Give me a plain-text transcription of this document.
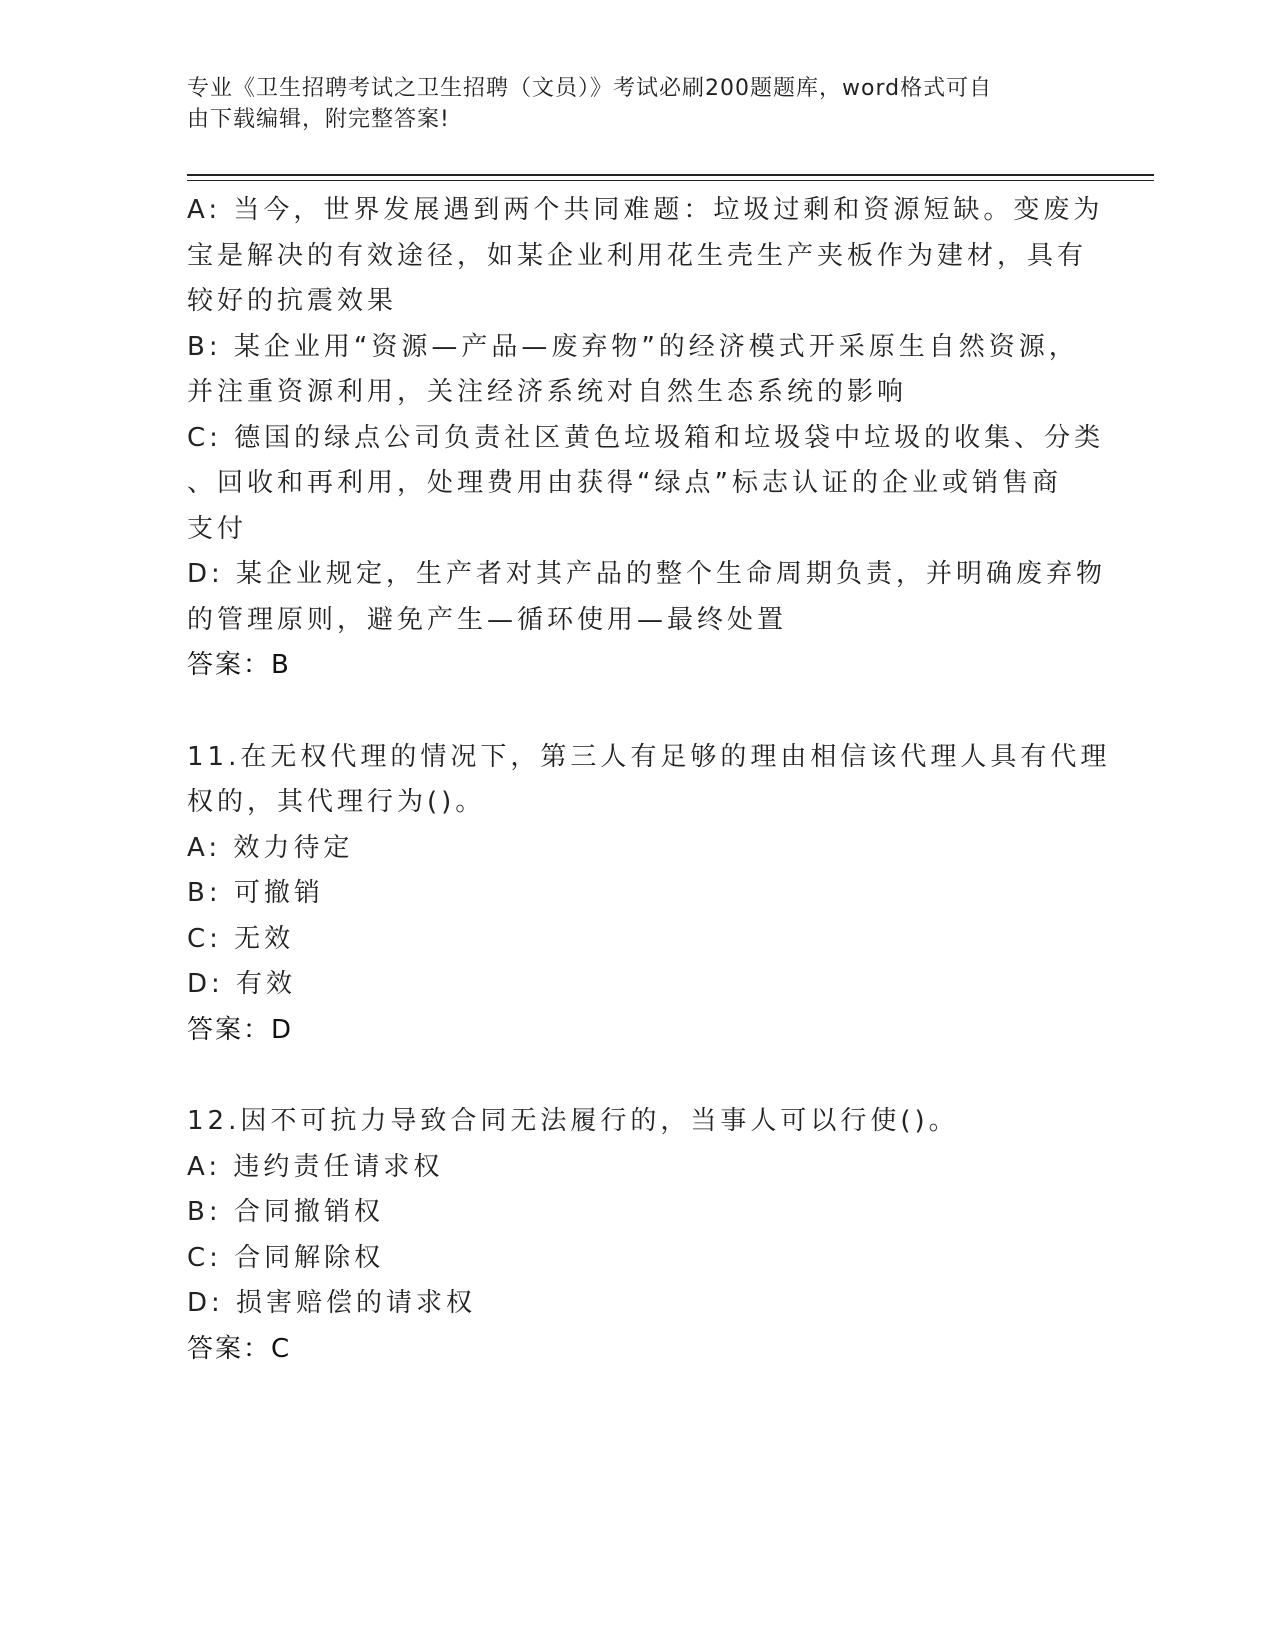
专业《卫生招聘考试之卫生招聘（文员）》考试必刷200题题库，word格式可自
由下载编辑，附完整答案!

A: 当今，世界发展遇到两个共同难题：垃圾过剩和资源短缺。变废为

宝是解决的有效途径，如某企业利用花生壳生产夹板作为建材，具有

较好的抗震效果

B: 某企业用“资源—产品—废弃物”的经济模式开采原生自然资源，

并注重资源利用，关注经济系统对自然生态系统的影响

C: 德国的绿点公司负责社区黄色垃圾箱和垃圾袋中垃圾的收集、分类

、回收和再利用，处理费用由获得“绿点”标志认证的企业或销售商

支付

D: 某企业规定，生产者对其产品的整个生命周期负责，并明确废弃物

的管理原则，避免产生—循环使用—最终处置

答案：B

11.在无权代理的情况下，第三人有足够的理由相信该代理人具有代理

权的，其代理行为()。

A: 效力待定

B: 可撤销

C: 无效

D: 有效

答案：D

12.因不可抗力导致合同无法履行的，当事人可以行使()。

A: 违约责任请求权

B: 合同撤销权

C: 合同解除权

D: 损害赔偿的请求权

答案：C
